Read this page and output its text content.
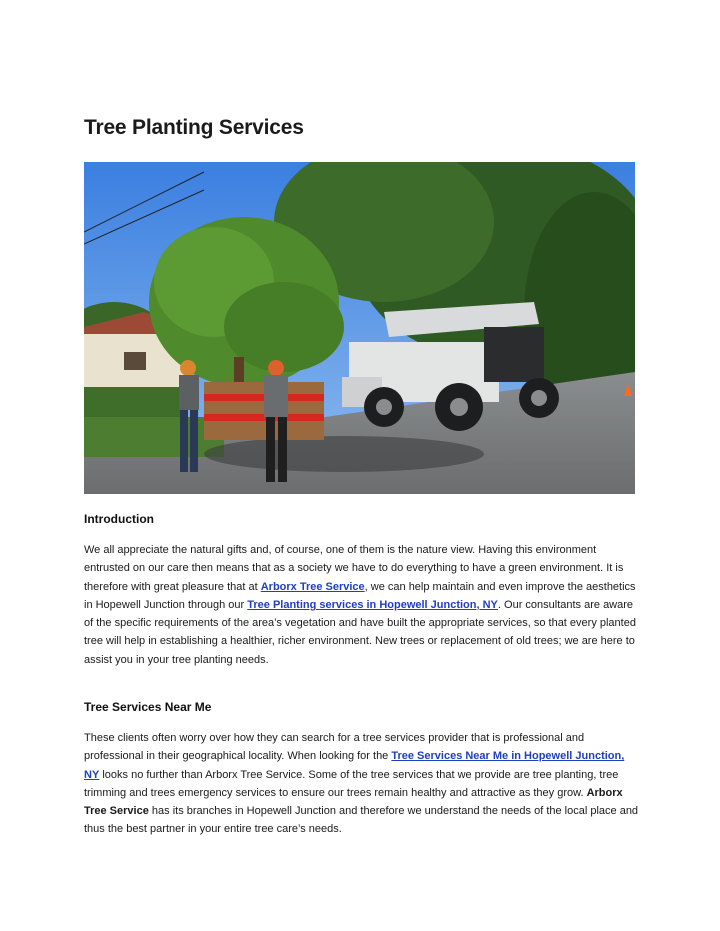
Tree Planting Services
Introduction

We all appreciate the natural gifts and, of course, one of them is the nature view. Having this environment entrusted on our care then means that as a society we have to do everything to have a green environment. It is therefore with great pleasure that at Arborx Tree Service, we can help maintain and even improve the aesthetics in Hopewell Junction through our Tree Planting services in Hopewell Junction, NY. Our consultants are aware of the specific requirements of the area’s vegetation and have built the appropriate services, so that every planted tree will help in establishing a healthier, richer environment. New trees or replacement of old trees; we are here to assist you in your tree planting needs.

Tree Services Near Me

These clients often worry over how they can search for a tree services provider that is professional and professional in their geographical locality. When looking for the Tree Services Near Me in Hopewell Junction, NY looks no further than Arborx Tree Service. Some of the tree services that we provide are tree planting, tree trimming and trees emergency services to ensure our trees remain healthy and attractive as they grow. Arborx Tree Service has its branches in Hopewell Junction and therefore we understand the needs of the local place and thus the best partner in your entire tree care’s needs.
